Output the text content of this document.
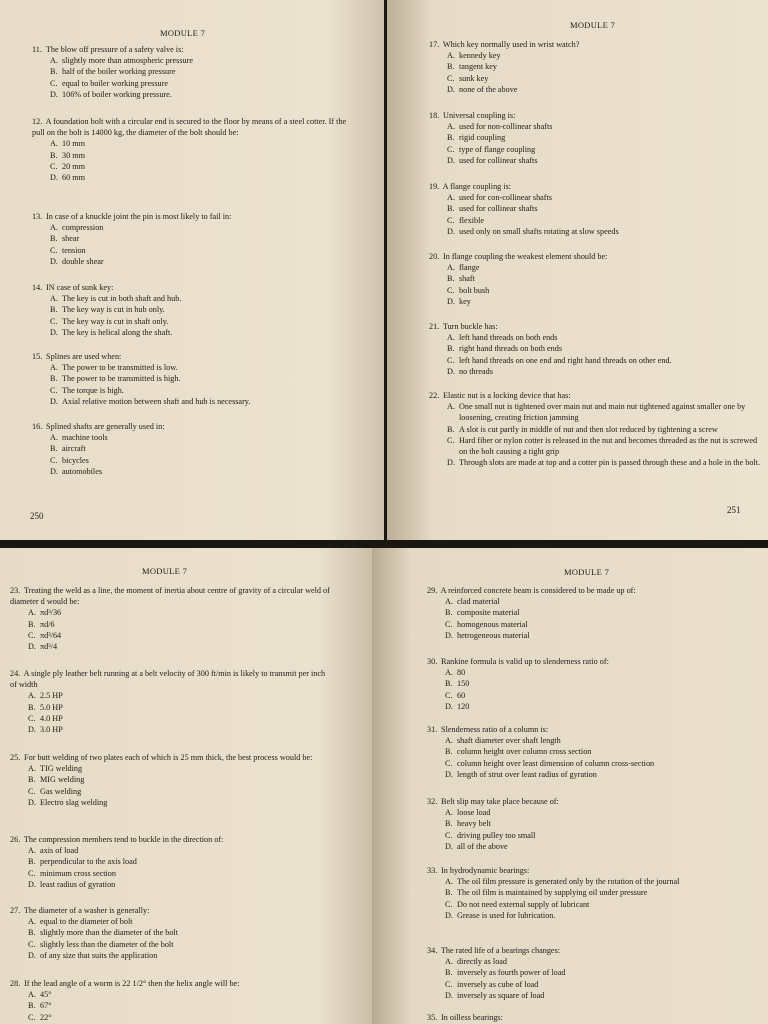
MODULE 7
11. The blow off pressure of a safety valve is:
A. slightly more than atmospheric pressure
B. half of the boiler working pressure
C. equal to boiler working pressure
D. 106% of boiler working pressure.
12. A foundation bolt with a circular end is secured to the floor by means of a steel cotter. If the pull on the bolt is 14000 kg, the diameter of the bolt should be:
A. 10 mm
B. 30 mm
C. 20 mm
D. 60 mm
13. In case of a knuckle joint the pin is most likely to fail in:
A. compression
B. shear
C. tension
D. double shear
14. IN case of sunk key:
A. The key is cut in both shaft and hub.
B. The key way is cut in hub only.
C. The key way is cut in shaft only.
D. The key is helical along the shaft.
15. Splines are used when:
A. The power to be transmitted is low.
B. The power to be transmitted is high.
C. The torque is high.
D. Axial relative motion between shaft and hub is necessary.
16. Splined shafts are generally used in:
A. machine tools
B. aircraft
C. bicycles
D. automobiles
250
MODULE 7
17. Which key normally used in wrist watch?
A. kennedy key
B. tangent key
C. sunk key
D. none of the above
18. Universal coupling is:
A. used for non-collinear shafts
B. rigid coupling
C. type of flange coupling
D. used for collinear shafts
19. A flange coupling is:
A. used for con-collinear shafts
B. used for collinear shafts
C. flexible
D. used only on small shafts rotating at slow speeds
20. In flange coupling the weakest element should be:
A. flange
B. shaft
C. bolt bush
D. key
21. Turn buckle has:
A. left hand threads on both ends
B. right hand threads on both ends
C. left hand threads on one end and right hand threads on other end.
D. no threads
22. Elastic nut is a locking device that has:
A. One small nut is tightened over main nut and main nut tightened against smaller one by loosening, creating friction jamming
B. A slot is cut partly in middle of nut and then slot reduced by tightening a screw
C. Hard fiber or nylon cotter is released in the nut and becomes threaded as the nut is screwed on the bolt causing a tight grip
D. Through slots are made at top and a cotter pin is passed through these and a hole in the bolt.
251
MODULE 7
23. Treating the weld as a line, the moment of inertia about centre of gravity of a circular weld of diameter d would be:
A. πd³/36
B. πd/6
C. πd³/64
D. πd³/4
24. A single ply leather belt running at a belt velocity of 300 ft/min is likely to transmit per inch of width
A. 2.5 HP
B. 5.0 HP
C. 4.0 HP
D. 3.0 HP
25. For butt welding of two plates each of which is 25 mm thick, the best process would be:
A. TIG welding
B. MIG welding
C. Gas welding
D. Electro slag welding
26. The compression members tend to buckle in the direction of:
A. axis of load
B. perpendicular to the axis load
C. minimum cross section
D. least radius of gyration
27. The diameter of a washer is generally:
A. equal to the diameter of bolt
B. slightly more than the diameter of the bolt
C. slightly less than the diameter of the bolt
D. of any size that suits the application
28. If the lead angle of a worm is 22 1/2° then the helix angle will be:
A. 45°
B. 67°
C. 22°
MODULE 7
29. A reinforced concrete beam is considered to be made up of:
A. clad material
B. composite material
C. homogenous material
D. hetrogeneous material
30. Rankine formula is valid up to slenderness ratio of:
A. 80
B. 150
C. 60
D. 120
31. Slenderness ratio of a column is:
A. shaft diameter over shaft length
B. column height over column cross section
C. column height over least dimension of column cross-section
D. length of strut over least radius of gyration
32. Belt slip may take place because of:
A. loose load
B. heavy belt
C. driving pulley too small
D. all of the above
33. In hydrodynamic bearings:
A. The oil film pressure is generated only by the rotation of the journal
B. The oil film is maintained by supplying oil under pressure
C. Do not need external supply of lubricant
D. Grease is used for lubrication.
34. The rated life of a bearings changes:
A. directly as load
B. inversely as fourth power of load
C. inversely as cube of load
D. inversely as square of load
35. In oilless bearings:
